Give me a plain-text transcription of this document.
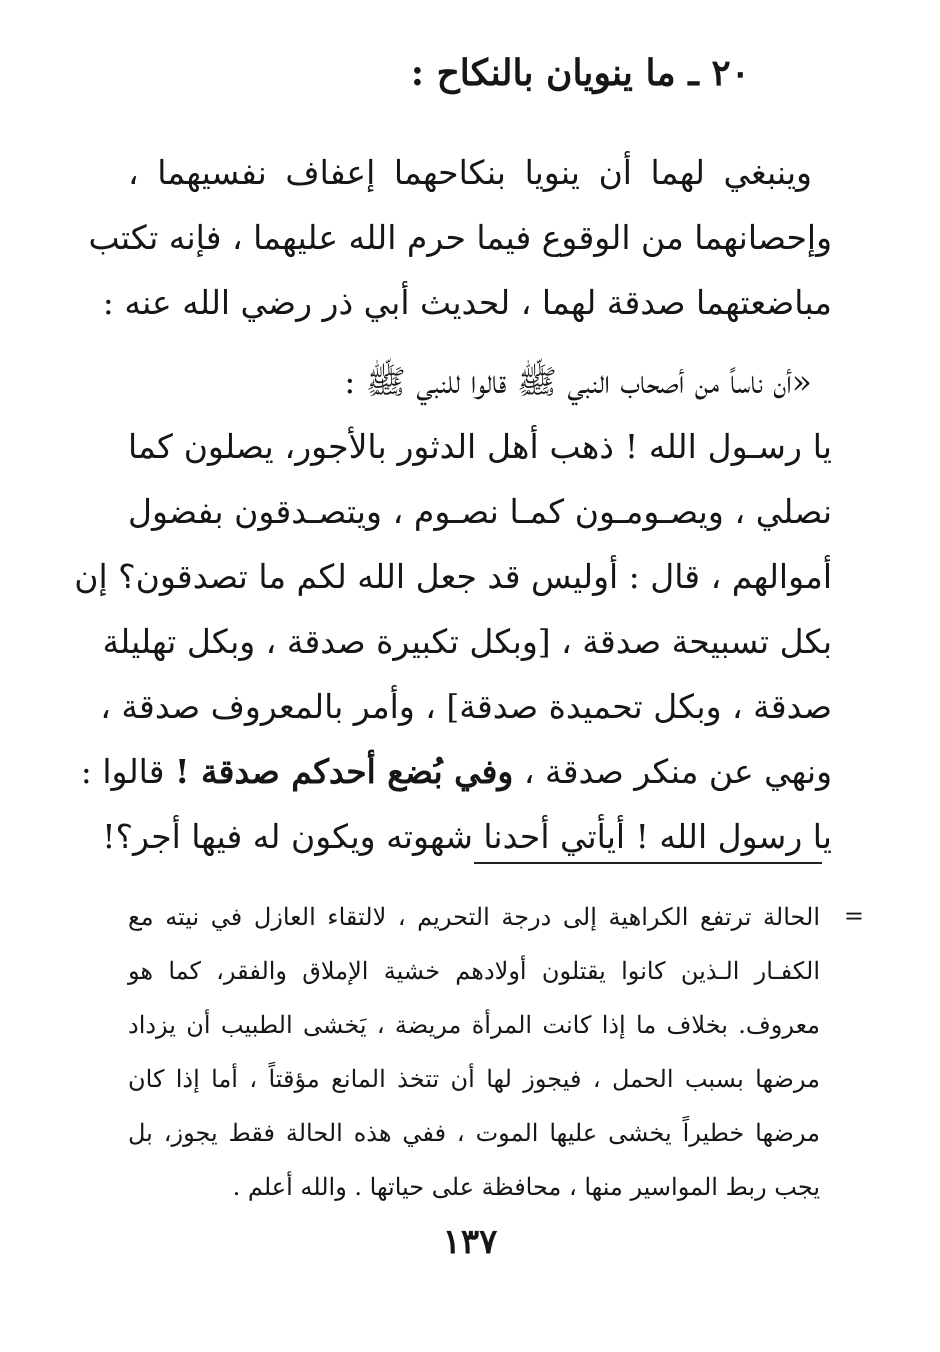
٢٠ ـ ما ينويان بالنكاح :
وينبغي لهما أن ينويا بنكاحهما إعفاف نفسيهما ،
وإحصانهما من الوقوع فيما حرم الله عليهما ، فإنه تكتب
مباضعتهما صدقة لهما ، لحديث أبي ذر رضي الله عنه :
«أن ناساً من أصحاب النبي ﷺ قالوا للنبي ﷺ :
يا رسـول الله ! ذهب أهل الدثور بالأجور، يصلون كما
نصلي ، ويصـومـون كمـا نصـوم ، ويتصـدقون بفضول
أموالهم ، قال : أوليس قد جعل الله لكم ما تصدقون؟ إن
بكل تسبيحة صدقة ، [وبكل تكبيرة صدقة ، وبكل تهليلة
صدقة ، وبكل تحميدة صدقة] ، وأمر بالمعروف صدقة ،
ونهي عن منكر صدقة ، وفي بُضع أحدكم صدقة ! قالوا :
يا رسول الله ! أيأتي أحدنا شهوته ويكون له فيها أجر؟!
=
الحالة ترتفع الكراهية إلى درجة التحريم ، لالتقاء العازل في نيته مع
الكفـار الـذين كانوا يقتلون أولادهم خشية الإملاق والفقر، كما هو
معروف. بخلاف ما إذا كانت المرأة مريضة ، يَخشى الطبيب أن يزداد
مرضها بسبب الحمل ، فيجوز لها أن تتخذ المانع مؤقتاً ، أما إذا كان
مرضها خطيراً يخشى عليها الموت ، ففي هذه الحالة فقط يجوز، بل
يجب ربط المواسير منها ، محافظة على حياتها . والله أعلم .
١٣٧
